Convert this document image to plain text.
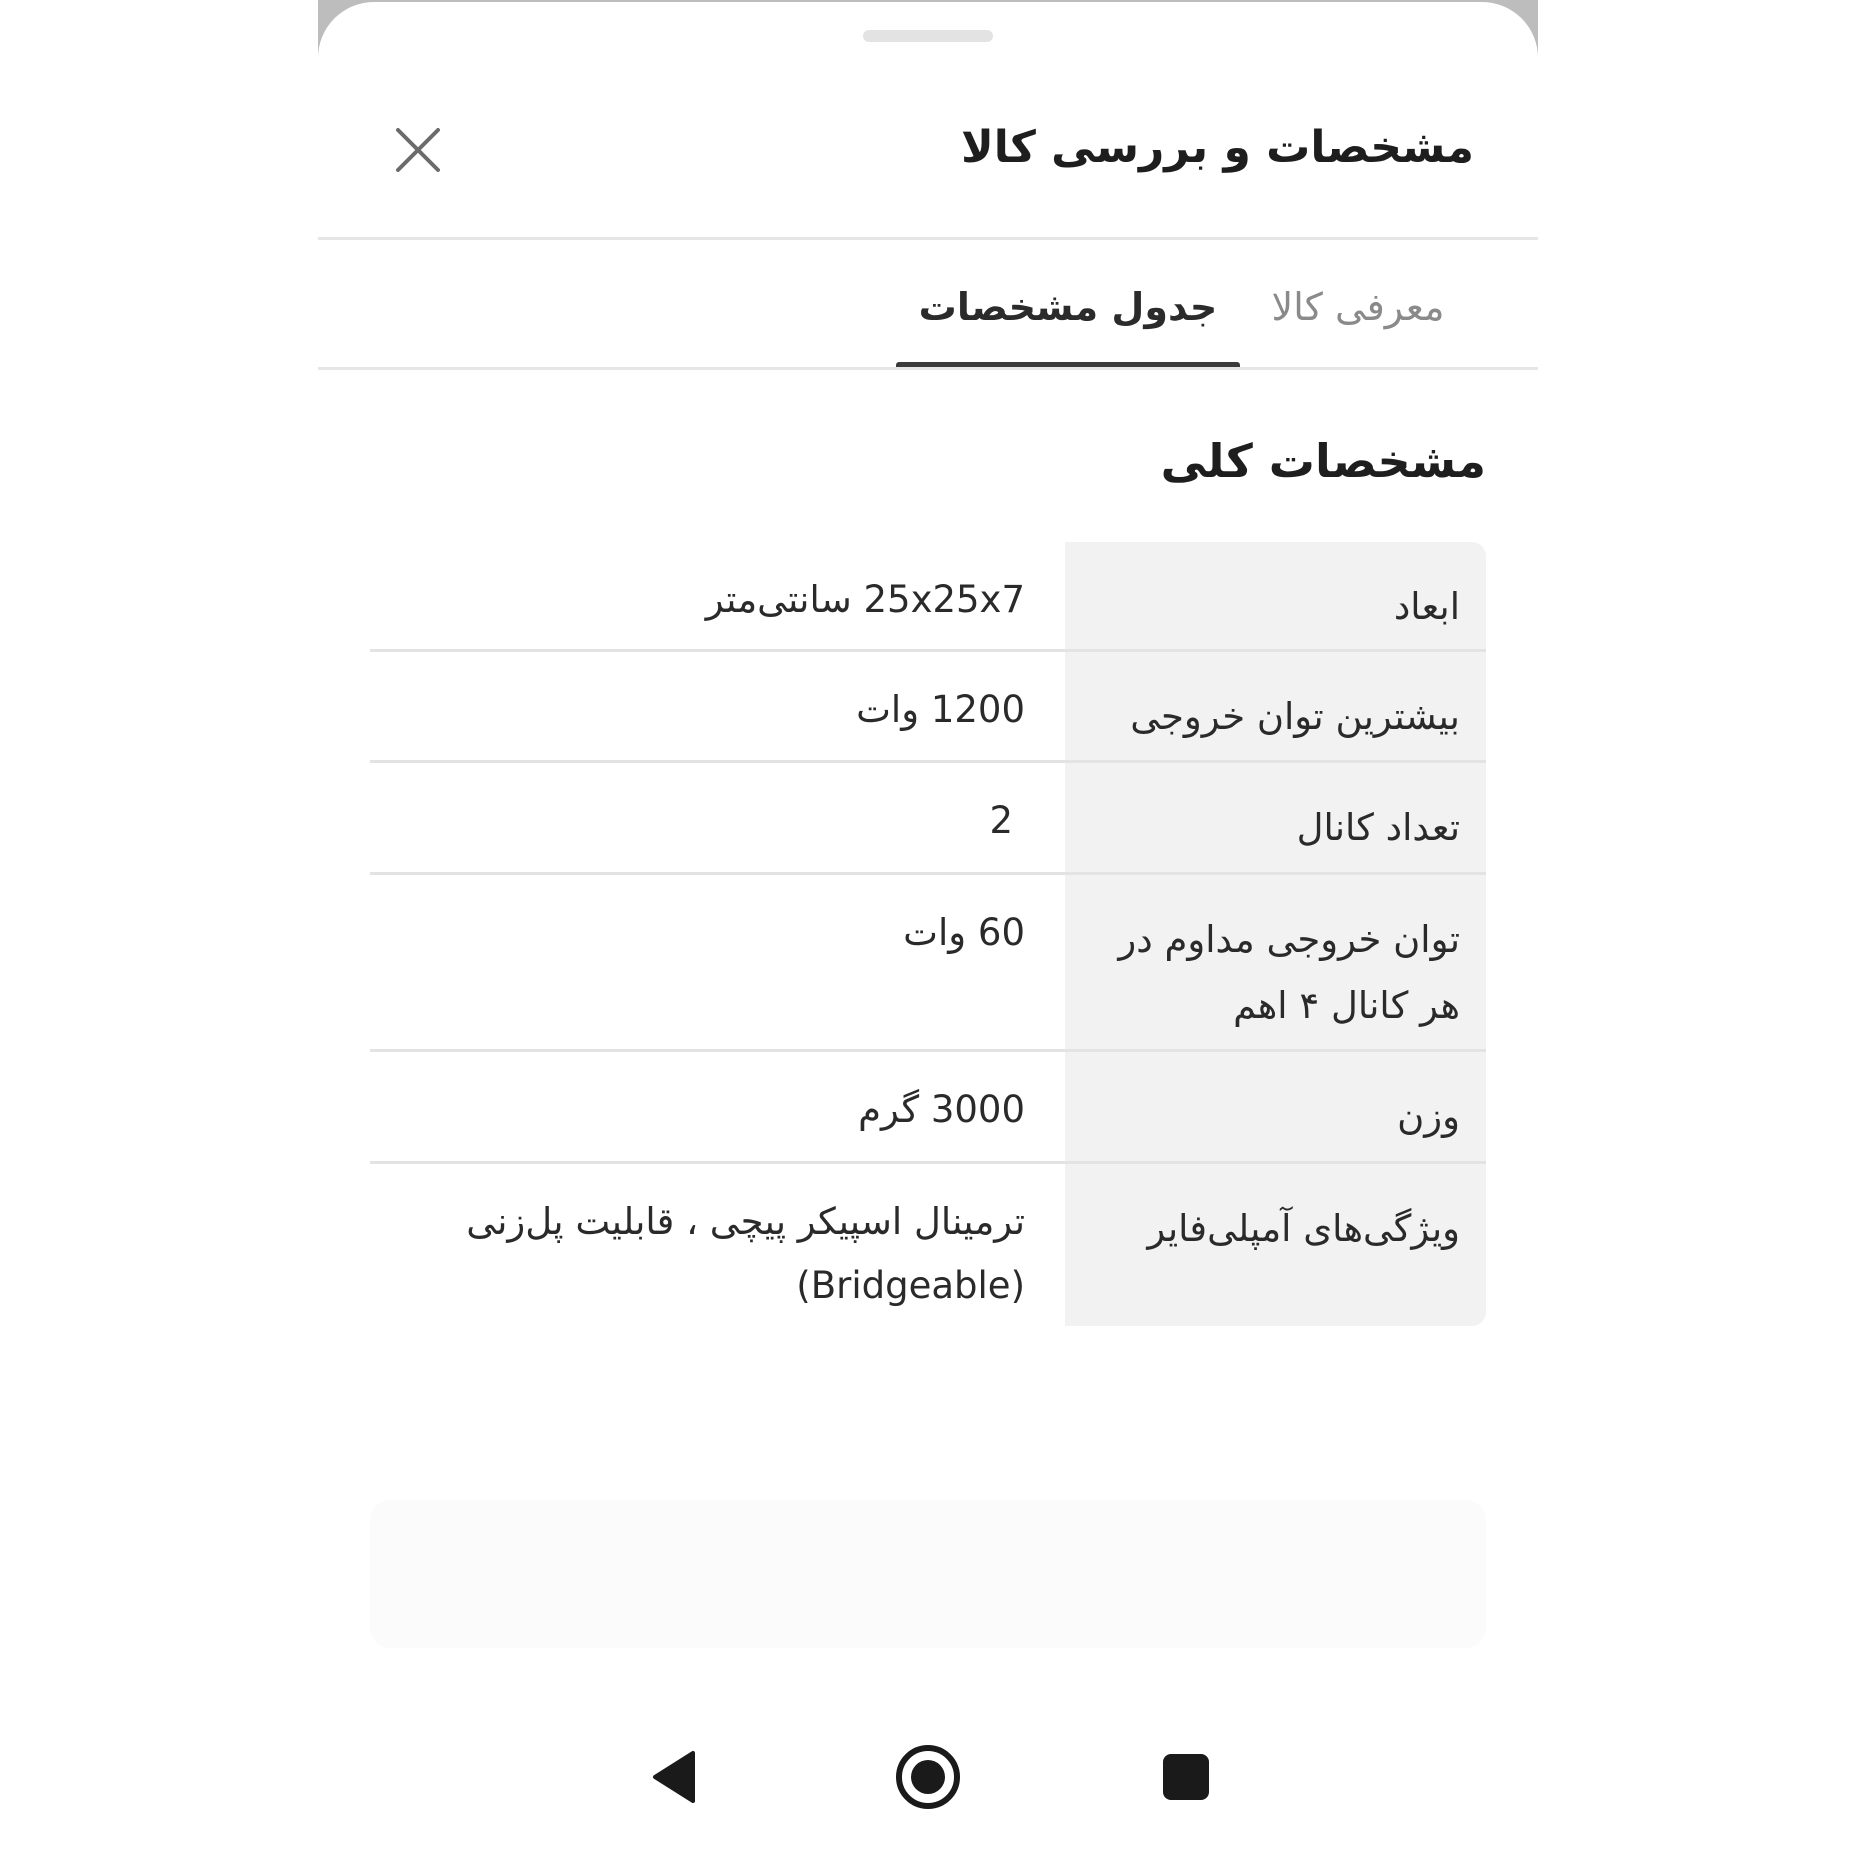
مشخصات و بررسی کالا
معرفی کالا
جدول مشخصات
مشخصات کلی
ابعاد
25x25x7 سانتی‌متر
بیشترین توان خروجی
1200 وات
تعداد کانال
2
توان خروجی مداوم در هر کانال ۴ اهم
60 وات
وزن
3000 گرم
ویژگی‌های آمپلی‌فایر
ترمینال اسپیکر پیچی ، قابلیت پل‌زنی (Bridgeable)
